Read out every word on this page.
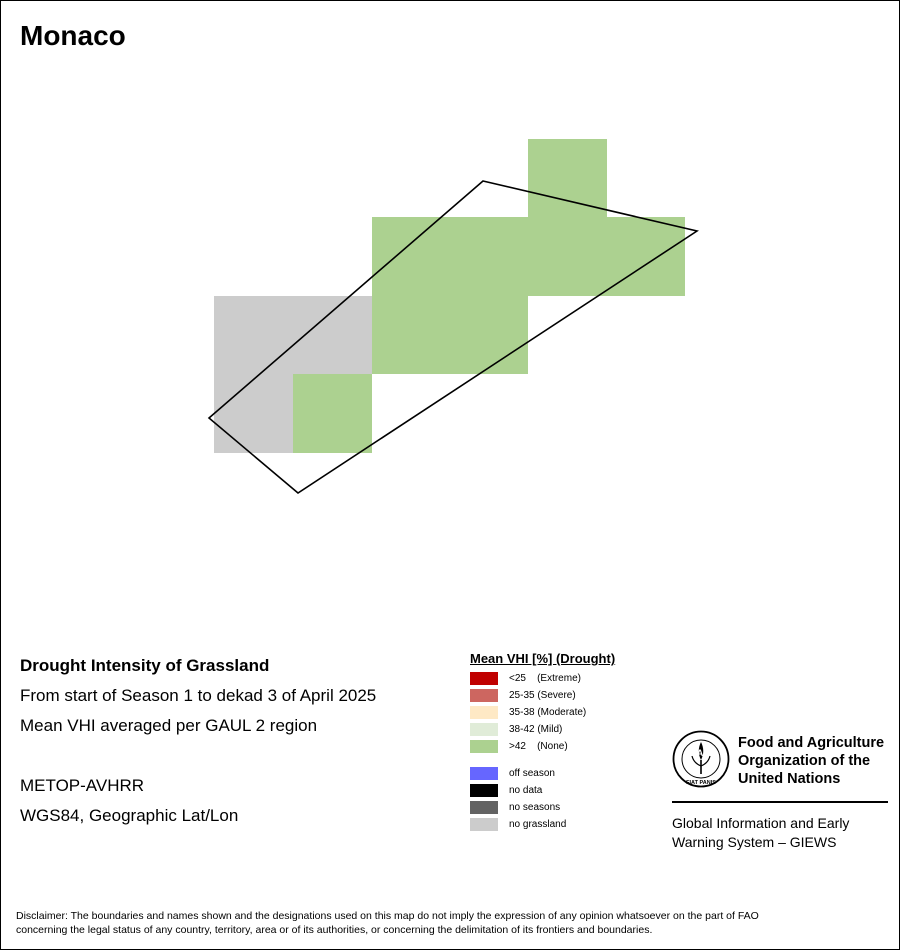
Monaco
Drought Intensity of Grassland
From start of Season 1 to dekad 3 of April 2025
Mean VHI averaged per GAUL 2 region
METOP-AVHRR
WGS84, Geographic Lat/Lon
Mean VHI [%] (Drought)
<25    (Extreme)
25-35 (Severe)
35-38 (Moderate)
38-42 (Mild)
>42    (None)
off season
no data
no seasons
no grassland
FAO
FIAT PANIS
Food and Agriculture
Organization of the
United Nations
Global Information and Early
Warning System – GIEWS
Disclaimer: The boundaries and names shown and the designations used on this map do not imply the expression of any opinion whatsoever on the part of FAO
concerning the legal status of any country, territory, area or of its authorities, or concerning the delimitation of its frontiers and boundaries.
